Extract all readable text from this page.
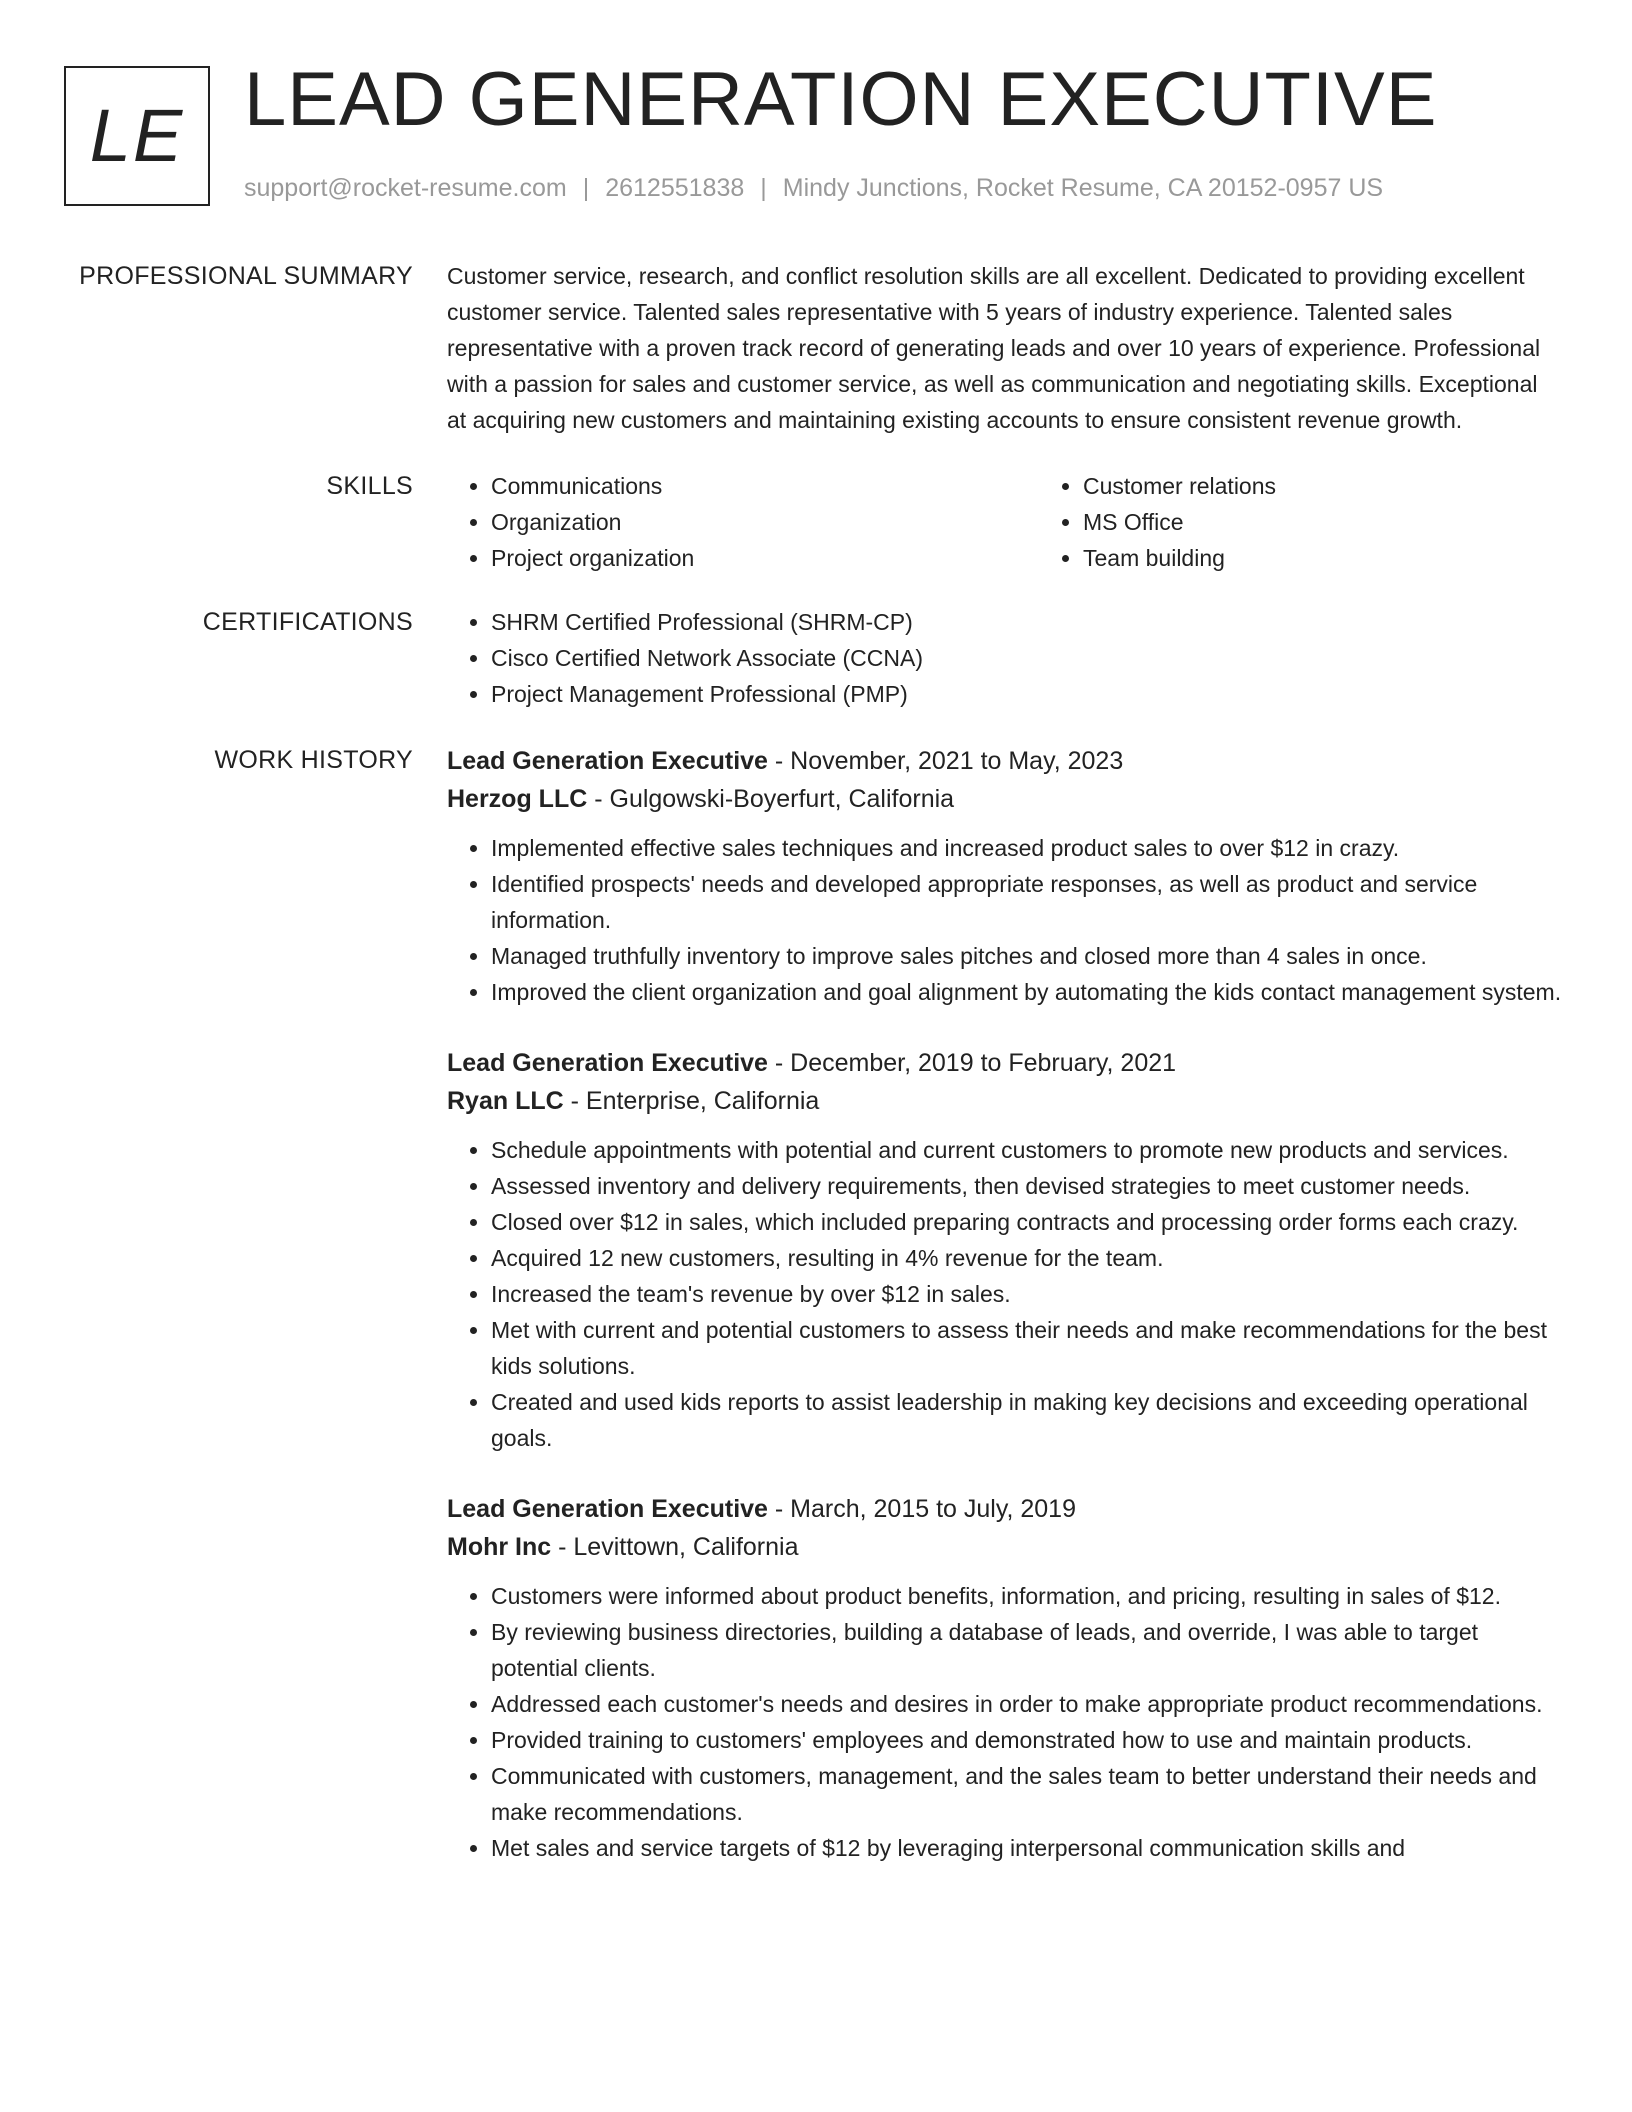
LE LEAD GENERATION EXECUTIVE
support@rocket-resume.com | 2612551838 | Mindy Junctions, Rocket Resume, CA 20152-0957 US
PROFESSIONAL SUMMARY Customer service, research, and conflict resolution skills are all excellent. Dedicated to providing excellent customer service. Talented sales representative with 5 years of industry experience. Talented sales representative with a proven track record of generating leads and over 10 years of experience. Professional with a passion for sales and customer service, as well as communication and negotiating skills. Exceptional at acquiring new customers and maintaining existing accounts to ensure consistent revenue growth.

SKILLS	• Communications
• Organization
• Project organization
• Customer relations
• MS Office
• Team building
CERTIFICATIONS	• SHRM Certified Professional (SHRM-CP)
• Cisco Certified Network Associate (CCNA)
• Project Management Professional (PMP)
WORK HISTORY Lead Generation Executive - November, 2021 to May, 2023
Herzog LLC - Gulgowski-Boyerfurt, California
• Implemented effective sales techniques and increased product sales to over $12 in crazy.
• Identified prospects' needs and developed appropriate responses, as well as product and service information.
• Managed truthfully inventory to improve sales pitches and closed more than 4 sales in once.
• Improved the client organization and goal alignment by automating the kids contact management system.
Lead Generation Executive - December, 2019 to February, 2021
Ryan LLC - Enterprise, California
• Schedule appointments with potential and current customers to promote new products and services.
• Assessed inventory and delivery requirements, then devised strategies to meet customer needs.
• Closed over $12 in sales, which included preparing contracts and processing order forms each crazy.
• Acquired 12 new customers, resulting in 4% revenue for the team.
• Increased the team's revenue by over $12 in sales.
• Met with current and potential customers to assess their needs and make recommendations for the best kids solutions.
• Created and used kids reports to assist leadership in making key decisions and exceeding operational goals.
Lead Generation Executive - March, 2015 to July, 2019
Mohr Inc - Levittown, California
• Customers were informed about product benefits, information, and pricing, resulting in sales of $12.
• By reviewing business directories, building a database of leads, and override, I was able to target potential clients.
• Addressed each customer's needs and desires in order to make appropriate product recommendations.
• Provided training to customers' employees and demonstrated how to use and maintain products.
• Communicated with customers, management, and the sales team to better understand their needs and make recommendations.
• Met sales and service targets of $12 by leveraging interpersonal communication skills and
